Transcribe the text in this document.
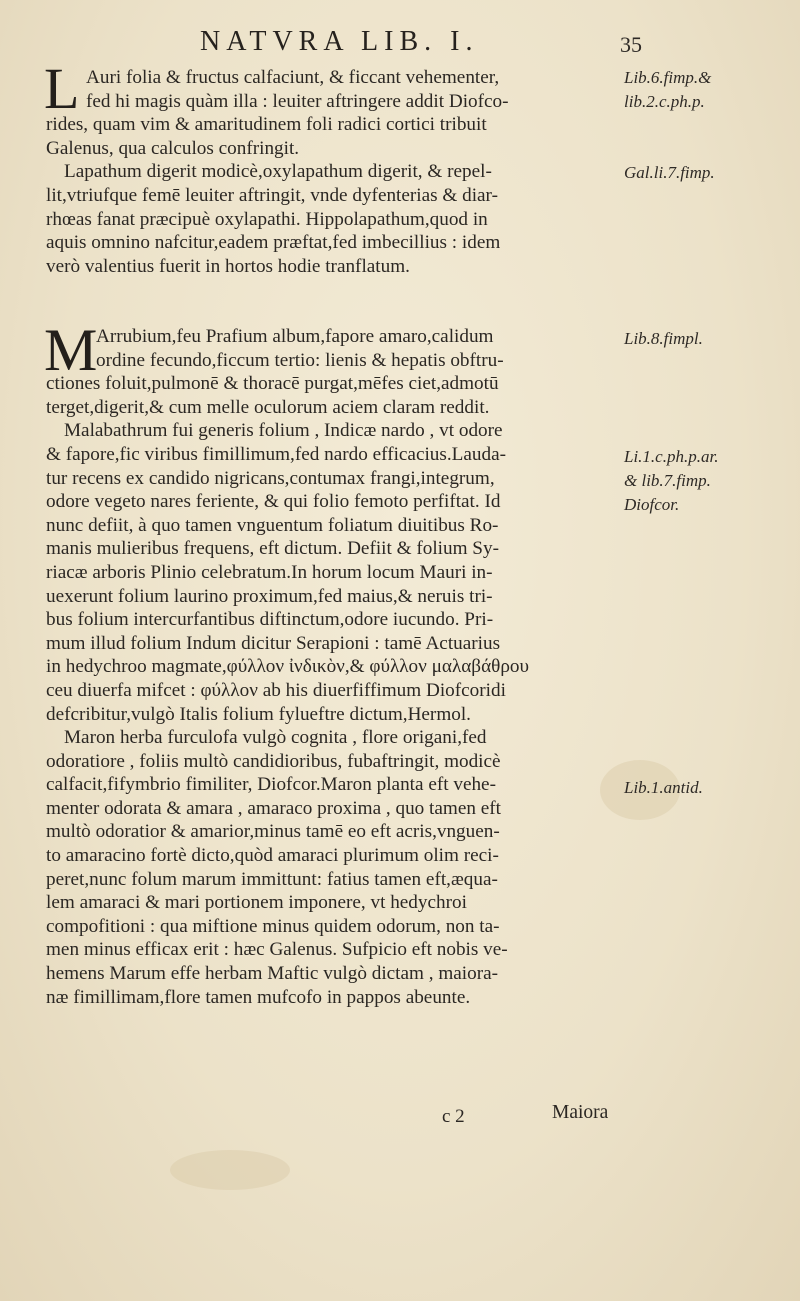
NATVRA LIB. I.	35
L Auri folia & fructus calfaciunt, & ficcant vehementer,
fed hi magis quàm illa : leuiter aftringere addit Diofco-
rides, quam vim & amaritudinem foli radici cortici tribuit
Galenus, qua calculos confringit.
Lapathum digerit modicè,oxylapathum digerit, & repel-
lit,vtriufque femē leuiter aftringit, vnde dyfenterias & diar-
rhœas fanat præcipuè oxylapathi. Hippolapathum,quod in
aquis omnino nafcitur,eadem præftat,fed imbecillius : idem
verò valentius fuerit in hortos hodie tranflatum.
M
Arrubium,feu Prafium album,fapore amaro,calidum
ordine fecundo,ficcum tertio: lienis & hepatis obftru-
ctiones foluit,pulmonē & thoracē purgat,mēfes ciet,admotū
terget,digerit,& cum melle oculorum aciem claram reddit.
Malabathrum fui generis folium , Indicæ nardo , vt odore
& fapore,fic viribus fimillimum,fed nardo efficacius.Lauda-
tur recens ex candido nigricans,contumax frangi,integrum,
odore vegeto nares feriente, & qui folio femoto perfiftat. Id
nunc defiit, à quo tamen vnguentum foliatum diuitibus Ro-
manis mulieribus frequens, eft dictum. Defiit & folium Sy-
riacæ arboris Plinio celebratum.In horum locum Mauri in-
uexerunt folium laurino proximum,fed maius,& neruis tri-
bus folium intercurfantibus diftinctum,odore iucundo. Pri-
mum illud folium Indum dicitur Serapioni : tamē Actuarius
in hedychroo magmate,φύλλον ἰνδικὸν,& φύλλον μαλαβάθρου
ceu diuerfa mifcet : φύλλον ab his diuerfiffimum Diofcoridi
defcribitur,vulgò Italis folium fylueftre dictum,Hermol.
Maron herba furculofa vulgò cognita , flore origani,fed
odoratiore , foliis multò candidioribus, fubaftringit, modicè
calfacit,fifymbrio fimiliter, Diofcor.Maron planta eft vehe-
menter odorata & amara , amaraco proxima , quo tamen eft
multò odoratior & amarior,minus tamē eo eft acris,vnguen-
to amaracino fortè dicto,quòd amaraci plurimum olim reci-
peret,nunc folum marum immittunt: fatius tamen eft,æqua-
lem amaraci & mari portionem imponere, vt hedychroi
compofitioni : qua miftione minus quidem odorum, non ta-
men minus efficax erit : hæc Galenus. Sufpicio eft nobis ve-
hemens Marum effe herbam Maftic vulgò dictam , maiora-
næ fimillimam,flore tamen mufcofo in pappos abeunte.
Lib.6.fimp.&
lib.2.c.ph.p.
Gal.li.7.fimp.
Lib.8.fimpl.
Li.1.c.ph.p.ar.
& lib.7.fimp.
Diofcor.
Lib.1.antid.
c 2	Maiora
